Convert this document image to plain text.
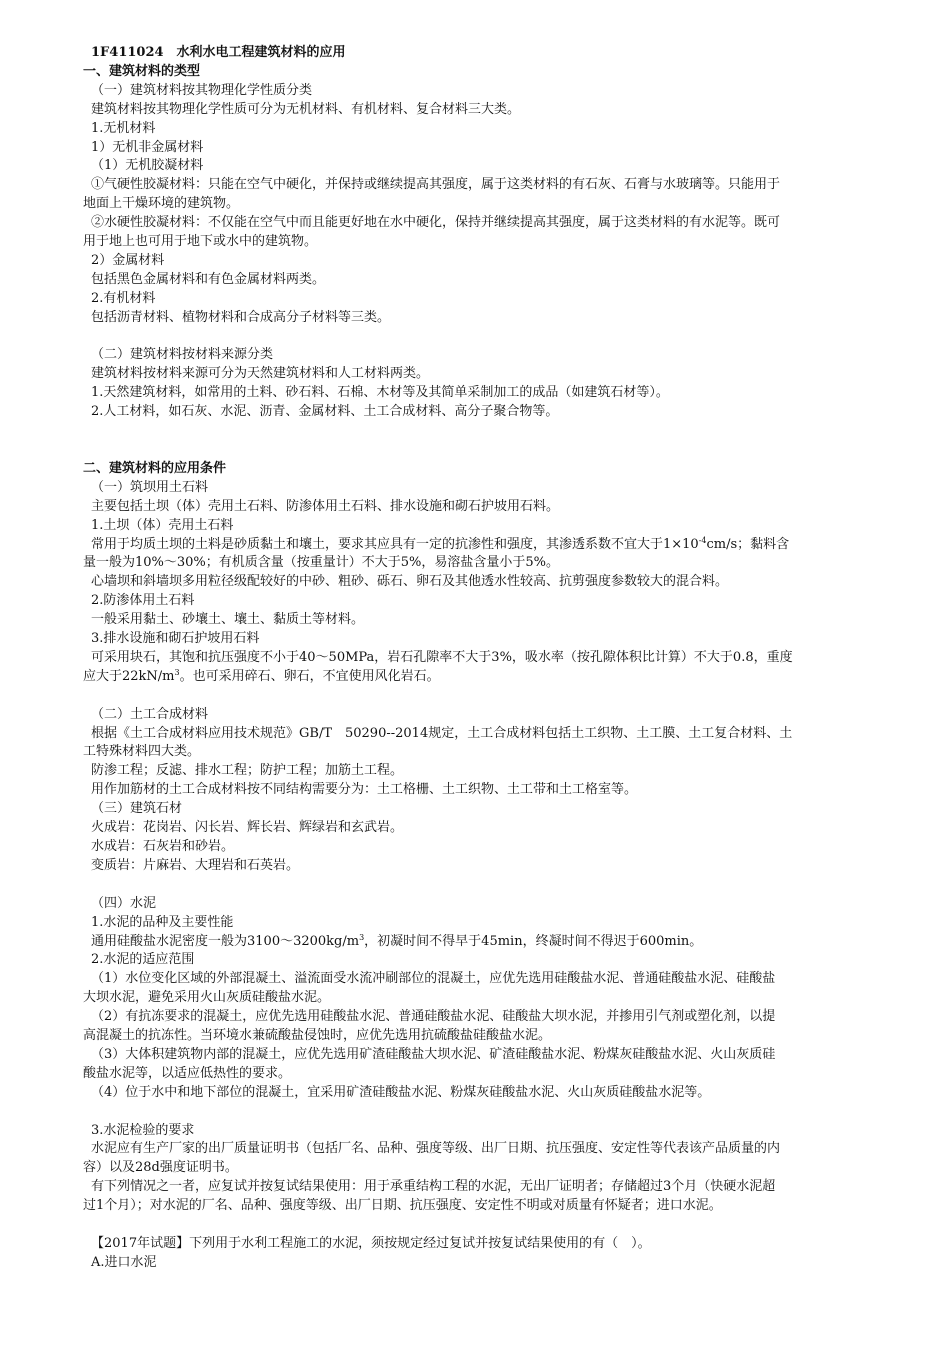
1F411024　水利水电工程建筑材料的应用

一、建筑材料的类型

（一）建筑材料按其物理化学性质分类

建筑材料按其物理化学性质可分为无机材料、有机材料、复合材料三大类。

1.无机材料

1）无机非金属材料

（1）无机胶凝材料

①气硬性胶凝材料：只能在空气中硬化，并保持或继续提高其强度，属于这类材料的有石灰、石膏与水玻璃等。只能用于

地面上干燥环境的建筑物。

②水硬性胶凝材料：不仅能在空气中而且能更好地在水中硬化，保持并继续提高其强度，属于这类材料的有水泥等。既可

用于地上也可用于地下或水中的建筑物。

2）金属材料

包括黑色金属材料和有色金属材料两类。

2.有机材料

包括沥青材料、植物材料和合成高分子材料等三类。

（二）建筑材料按材料来源分类

建筑材料按材料来源可分为天然建筑材料和人工材料两类。

1.天然建筑材料，如常用的土料、砂石料、石棉、木材等及其简单采制加工的成品（如建筑石材等）。

2.人工材料，如石灰、水泥、沥青、金属材料、土工合成材料、高分子聚合物等。

二、建筑材料的应用条件

（一）筑坝用土石料

主要包括土坝（体）壳用土石料、防渗体用土石料、排水设施和砌石护坡用石料。

1.土坝（体）壳用土石料

常用于均质土坝的土料是砂质黏土和壤土，要求其应具有一定的抗渗性和强度，其渗透系数不宜大于$1\times 10^{-4}cm/s$；黏料含

量一般为10%～30%；有机质含量（按重量计）不大于5%，易溶盐含量小于5%。

心墙坝和斜墙坝多用粒径级配较好的中砂、粗砂、砾石、卵石及其他透水性较高、抗剪强度参数较大的混合料。

2.防渗体用土石料

一般采用黏土、砂壤土、壤土、黏质土等材料。

3.排水设施和砌石护坡用石料

可采用块石，其饱和抗压强度不小于40～50MPa，岩石孔隙率不大于3%，吸水率（按孔隙体积比计算）不大于0.8，重度

应大于$22kN/m^3$。也可采用碎石、卵石，不宜使用风化岩石。

（二）土工合成材料

根据《土工合成材料应用技术规范》GB/T　50290--2014规定，土工合成材料包括土工织物、土工膜、土工复合材料、土

工特殊材料四大类。

防渗工程；反滤、排水工程；防护工程；加筋土工程。

用作加筋材的土工合成材料按不同结构需要分为：土工格栅、土工织物、土工带和土工格室等。

（三）建筑石材

火成岩：花岗岩、闪长岩、辉长岩、辉绿岩和玄武岩。

水成岩：石灰岩和砂岩。

变质岩：片麻岩、大理岩和石英岩。

（四）水泥

1.水泥的品种及主要性能

通用硅酸盐水泥密度一般为$3100\sim 3200kg/m^3$，初凝时间不得早于45min，终凝时间不得迟于600min。

2.水泥的适应范围

（1）水位变化区域的外部混凝土、溢流面受水流冲刷部位的混凝土，应优先选用硅酸盐水泥、普通硅酸盐水泥、硅酸盐

大坝水泥，避免采用火山灰质硅酸盐水泥。

（2）有抗冻要求的混凝土，应优先选用硅酸盐水泥、普通硅酸盐水泥、硅酸盐大坝水泥，并掺用引气剂或塑化剂，以提

高混凝土的抗冻性。当环境水兼硫酸盐侵蚀时，应优先选用抗硫酸盐硅酸盐水泥。

（3）大体积建筑物内部的混凝土，应优先选用矿渣硅酸盐大坝水泥、矿渣硅酸盐水泥、粉煤灰硅酸盐水泥、火山灰质硅

酸盐水泥等，以适应低热性的要求。

（4）位于水中和地下部位的混凝土，宜采用矿渣硅酸盐水泥、粉煤灰硅酸盐水泥、火山灰质硅酸盐水泥等。

3.水泥检验的要求

水泥应有生产厂家的出厂质量证明书（包括厂名、品种、强度等级、出厂日期、抗压强度、安定性等代表该产品质量的内

容）以及28d强度证明书。

有下列情况之一者，应复试并按复试结果使用：用于承重结构工程的水泥，无出厂证明者；存储超过3个月（快硬水泥超

过1个月）；对水泥的厂名、品种、强度等级、出厂日期、抗压强度、安定性不明或对质量有怀疑者；进口水泥。

【2017年试题】下列用于水利工程施工的水泥，须按规定经过复试并按复试结果使用的有（　）。

A.进口水泥
